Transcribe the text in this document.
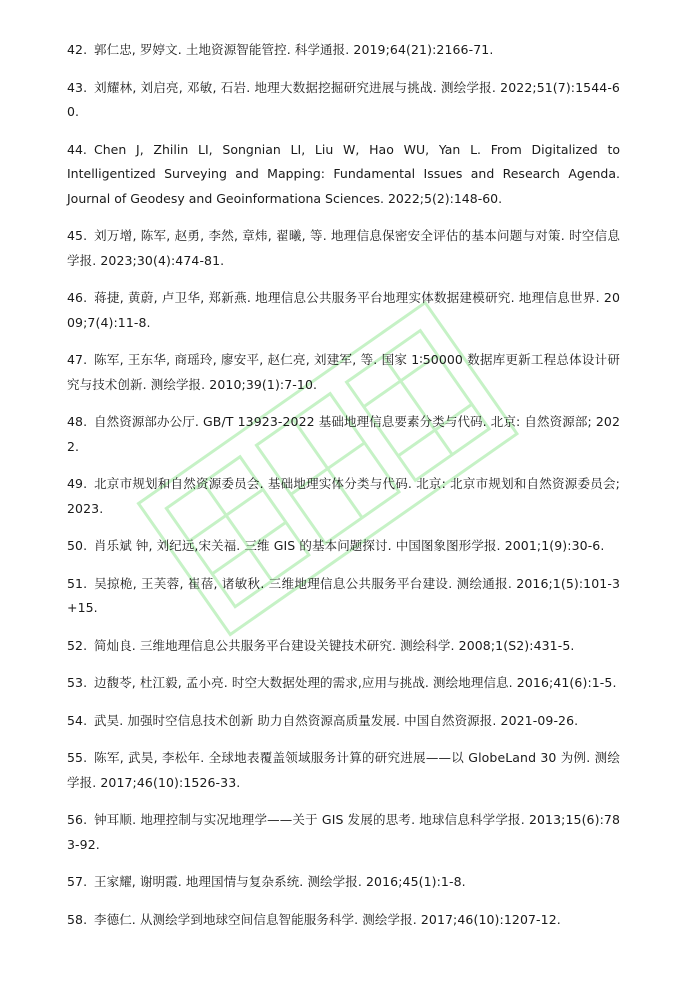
42. 郭仁忠, 罗婷文. 土地资源智能管控. 科学通报. 2019;64(21):2166-71.
43. 刘耀林, 刘启亮, 邓敏, 石岩. 地理大数据挖掘研究进展与挑战. 测绘学报. 2022;51(7):1544-60.
44. Chen J, Zhilin LI, Songnian LI, Liu W, Hao WU, Yan L. From Digitalized to Intelligentized Surveying and Mapping: Fundamental Issues and Research Agenda. Journal of Geodesy and Geoinformationa Sciences. 2022;5(2):148-60.
45. 刘万增, 陈军, 赵勇, 李然, 章炜, 翟曦, 等. 地理信息保密安全评估的基本问题与对策. 时空信息学报. 2023;30(4):474-81.
46. 蒋捷, 黄蔚, 卢卫华, 郑新燕. 地理信息公共服务平台地理实体数据建模研究. 地理信息世界. 2009;7(4):11-8.
47. 陈军, 王东华, 商瑶玲, 廖安平, 赵仁亮, 刘建军, 等. 国家 1∶50000 数据库更新工程总体设计研究与技术创新. 测绘学报. 2010;39(1):7-10.
48. 自然资源部办公厅. GB/T 13923-2022 基础地理信息要素分类与代码. 北京: 自然资源部; 2022.
49. 北京市规划和自然资源委员会. 基础地理实体分类与代码. 北京: 北京市规划和自然资源委员会; 2023.
50. 肖乐斌 钟, 刘纪远,宋关福. 三维 GIS 的基本问题探讨. 中国图象图形学报. 2001;1(9):30-6.
51. 吴掠桅, 王芙蓉, 崔蓓, 诸敏秋. 三维地理信息公共服务平台建设. 测绘通报. 2016;1(5):101-3+15.
52. 简灿良. 三维地理信息公共服务平台建设关键技术研究. 测绘科学. 2008;1(S2):431-5.
53. 边馥苓, 杜江毅, 孟小亮. 时空大数据处理的需求,应用与挑战. 测绘地理信息. 2016;41(6):1-5.
54. 武昊. 加强时空信息技术创新 助力自然资源高质量发展. 中国自然资源报. 2021-09-26.
55. 陈军, 武昊, 李松年. 全球地表覆盖领域服务计算的研究进展——以 GlobeLand 30 为例. 测绘学报. 2017;46(10):1526-33.
56. 钟耳顺. 地理控制与实况地理学——关于 GIS 发展的思考. 地球信息科学学报. 2013;15(6):783-92.
57. 王家耀, 谢明霞. 地理国情与复杂系统. 测绘学报. 2016;45(1):1-8.
58. 李德仁. 从测绘学到地球空间信息智能服务科学. 测绘学报. 2017;46(10):1207-12.
